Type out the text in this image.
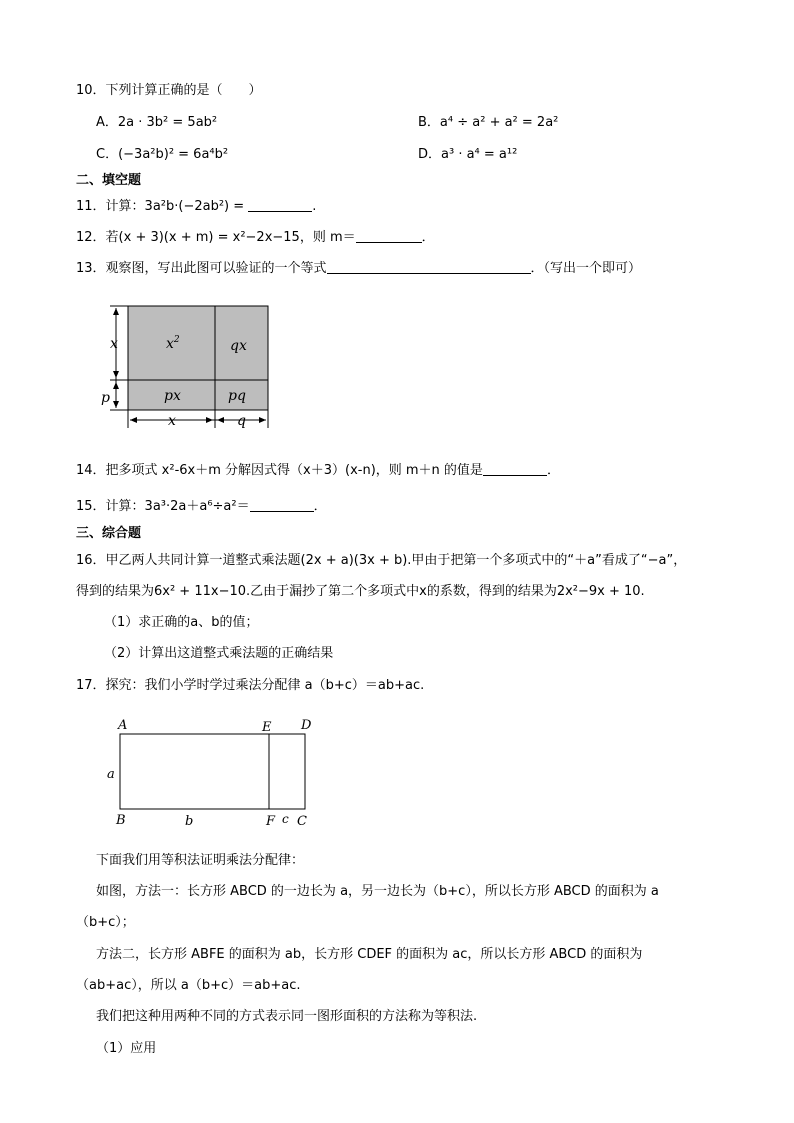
10．下列计算正确的是（　　）
A．2a · 3b² = 5ab²	B．a⁴ ÷ a² + a² = 2a²
C．(−3a²b)² = 6a⁴b²	D．a³ · a⁴ = a¹²
二、填空题
11．计算：3a²b·(−2ab²) =	.
12．若(x + 3)(x + m) = x²−2x−15，则 m＝	．
13．观察图，写出此图可以验证的一个等式	．（写出一个即可）
$x^2$	qx
px	pq
x
p
x	q
14．把多项式 x²-6x＋m 分解因式得（x＋3）(x-n)，则 m＋n 的值是	．
15．计算：3a³·2a＋a⁶÷a²＝	．
三、综合题
16．甲乙两人共同计算一道整式乘法题(2x + a)(3x + b).甲由于把第一个多项式中的“＋a”看成了“−a”，
得到的结果为6x² + 11x−10.乙由于漏抄了第二个多项式中x的系数，得到的结果为2x²−9x + 10.
（1）求正确的a、b的值；
（2）计算出这道整式乘法题的正确结果
17．探究：我们小学时学过乘法分配律 a（b+c）＝ab+ac.
A	E D
a
B	b	F c C
下面我们用等积法证明乘法分配律：
如图，方法一：长方形 ABCD 的一边长为 a，另一边长为（b+c），所以长方形 ABCD 的面积为 a
（b+c）；
方法二，长方形 ABFE 的面积为 ab，长方形 CDEF 的面积为 ac，所以长方形 ABCD 的面积为
（ab+ac），所以 a（b+c）＝ab+ac.
我们把这种用两种不同的方式表示同一图形面积的方法称为等积法.
（1）应用
